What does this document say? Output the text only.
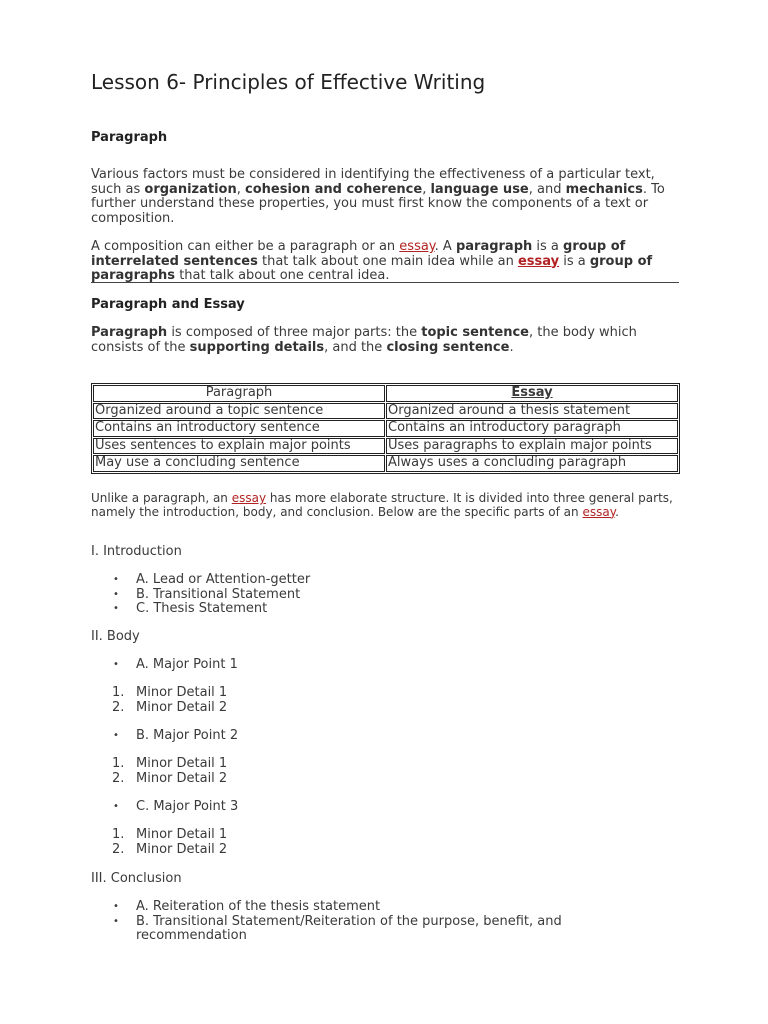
Lesson 6- Principles of Effective Writing
Paragraph
Various factors must be considered in identifying the effectiveness of a particular text, such as organization, cohesion and coherence, language use, and mechanics. To further understand these properties, you must first know the components of a text or composition.
A composition can either be a paragraph or an essay. A paragraph is a group of interrelated sentences that talk about one main idea while an essay is a group of paragraphs that talk about one central idea.
Paragraph and Essay
Paragraph is composed of three major parts: the topic sentence, the body which consists of the supporting details, and the closing sentence.
Paragraph	Essay
Organized around a topic sentence	Organized around a thesis statement
Contains an introductory sentence	Contains an introductory paragraph
Uses sentences to explain major points	Uses paragraphs to explain major points
May use a concluding sentence	Always uses a concluding paragraph
Unlike a paragraph, an essay has more elaborate structure. It is divided into three general parts, namely the introduction, body, and conclusion. Below are the specific parts of an essay.
I. Introduction
• A. Lead or Attention-getter
• B. Transitional Statement
• C. Thesis Statement
II. Body
• A. Major Point 1
1. Minor Detail 1
2. Minor Detail 2
• B. Major Point 2
1. Minor Detail 1
2. Minor Detail 2
• C. Major Point 3
1. Minor Detail 1
2. Minor Detail 2
III. Conclusion
• A. Reiteration of the thesis statement
• B. Transitional Statement/Reiteration of the purpose, benefit, and recommendation
